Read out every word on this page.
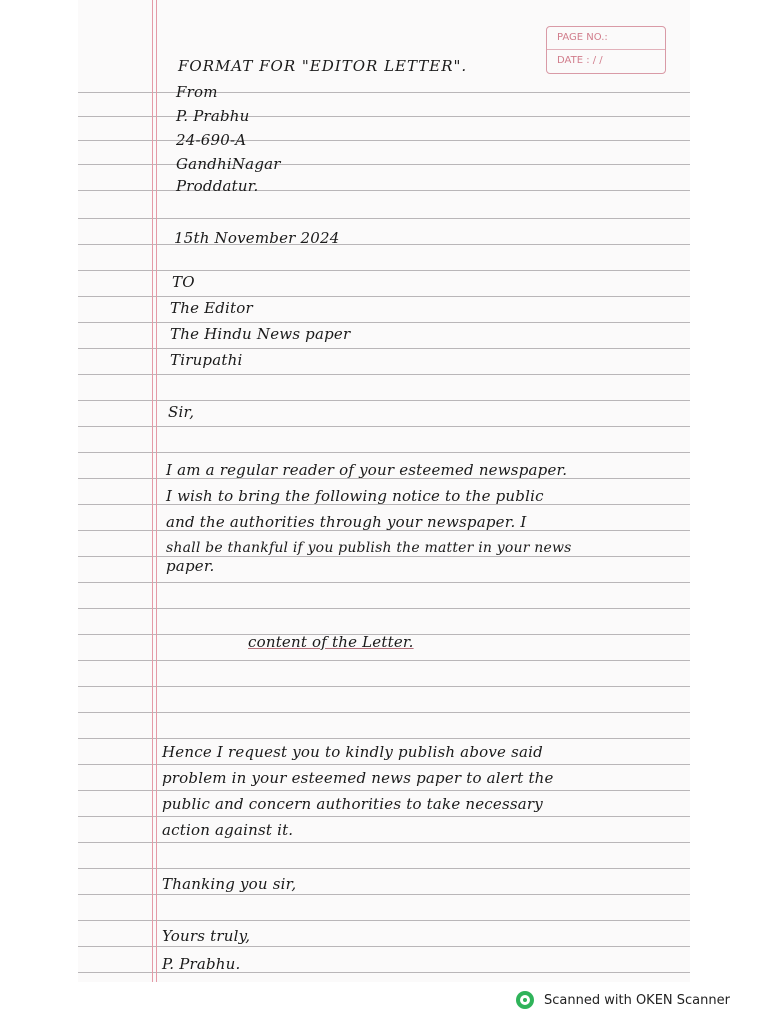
PAGE NO.:
DATE : / /
FORMAT FOR "EDITOR LETTER".
From
P. Prabhu
24-690-A
GandhiNagar
Proddatur.
15th November 2024
TO
The Editor
The Hindu News paper
Tirupathi
Sir,
I am a regular reader of your esteemed newspaper.
I wish to bring the following notice to the public
and the authorities through your newspaper. I
shall be thankful if you publish the matter in your news
paper.
content of the Letter.
Hence I request you to kindly publish above said
problem in your esteemed news paper to alert the
public and concern authorities to take necessary
action against it.
Thanking you sir,
Yours truly,
P. Prabhu.
Scanned with OKEN Scanner
